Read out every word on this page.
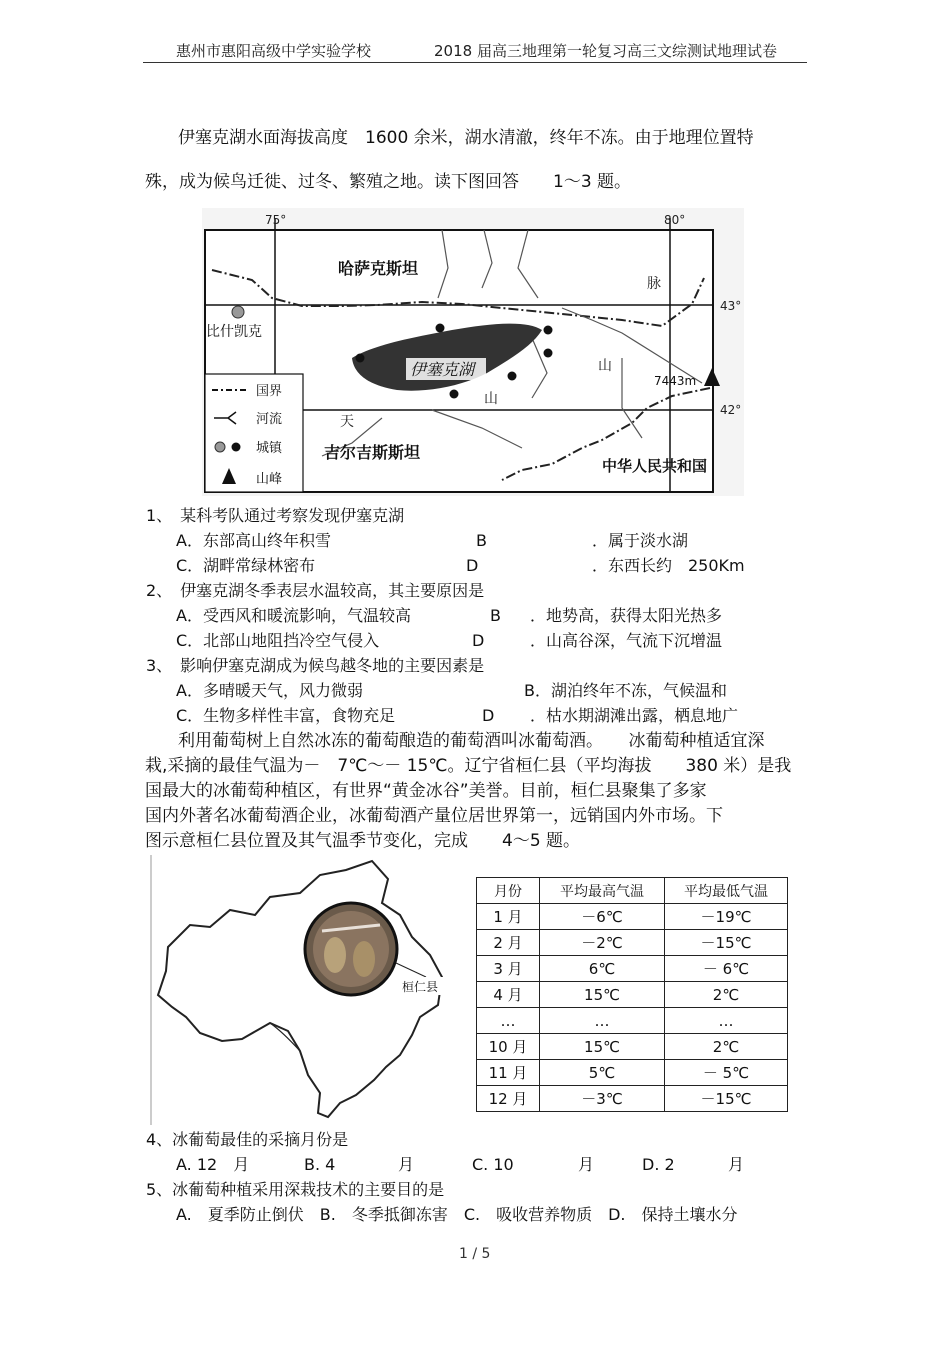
惠州市惠阳高级中学实验学校	2018 届高三地理第一轮复习高三文综测试地理试卷
伊塞克湖水面海拔高度　1600 余米，湖水清澈，终年不冻。由于地理位置特
殊，成为候鸟迁徙、过冬、繁殖之地。读下图回答　　1～3 题。
75°	80°
43°
42°
伊塞克湖
7443m
哈萨克斯坦
比什凯克
吉尔吉斯斯坦
中华人民共和国
脉
山
天
山
国界
河流
城镇
山峰
1、　某科考队通过考察发现伊塞克湖
A．东部高山终年积雪	B	．属于淡水湖
C．湖畔常绿林密布	D	．东西长约　250Km
2、　伊塞克湖冬季表层水温较高，其主要原因是
A．受西风和暖流影响，气温较高	B ．地势高，获得太阳光热多
C．北部山地阻挡冷空气侵入	D	．山高谷深，气流下沉增温
3、　影响伊塞克湖成为候鸟越冬地的主要因素是
A．多晴暖天气，风力微弱	B．湖泊终年不冻，气候温和
C．生物多样性丰富，食物充足	D ．枯水期湖滩出露，栖息地广
利用葡萄树上自然冰冻的葡萄酿造的葡萄酒叫冰葡萄酒。　　冰葡萄种植适宜深
栽,采摘的最佳气温为－　7℃～－ 15℃。辽宁省桓仁县（平均海拔　　380 米）是我
国最大的冰葡萄种植区，有世界“黄金冰谷”美誉。目前，桓仁县聚集了多家
国内外著名冰葡萄酒企业，冰葡萄酒产量位居世界第一，远销国内外市场。下
图示意桓仁县位置及其气温季节变化，完成　　4～5 题。
桓仁县
月份	平均最高气温	平均最低气温
1 月	－6℃	－19℃
2 月	－2℃	－15℃
3 月	6℃	－ 6℃
4 月	15℃	2℃
…	…	…
10 月	15℃	2℃
11 月	5℃	－ 5℃
12 月	－3℃	－15℃
4、冰葡萄最佳的采摘月份是
A. 12　月	B. 4	月	C. 10	月	D. 2	月
5、冰葡萄种植采用深栽技术的主要目的是
A.　夏季防止倒伏　B.　冬季抵御冻害　C.　吸收营养物质　D.　保持土壤水分
1 / 5
